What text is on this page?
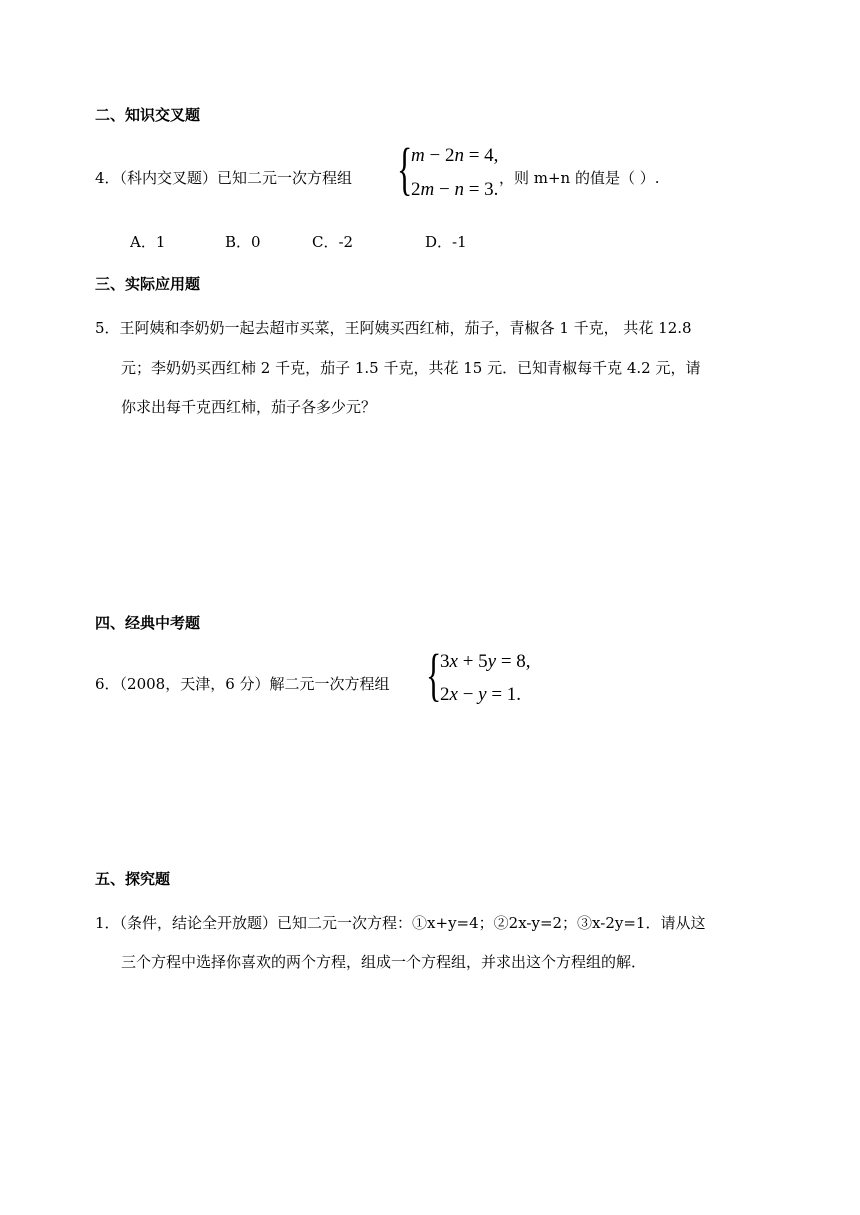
二、知识交叉题
4．（科内交叉题）已知二元一次方程组 {
m − 2n = 4,
2m − n = 3.
，则 m+n 的值是（ ）.
A．1	B．0	C．-2	D．-1
三、实际应用题
5．王阿姨和李奶奶一起去超市买菜，王阿姨买西红柿，茄子，青椒各 1 千克， 共花 12.8
元；李奶奶买西红柿 2 千克，茄子 1.5 千克，共花 15 元．已知青椒每千克 4.2 元，请
你求出每千克西红柿，茄子各多少元？
四、经典中考题
6．（2008，天津，6 分）解二元一次方程组 {
3x + 5y = 8,
2x − y = 1.
五、探究题
1．（条件，结论全开放题）已知二元一次方程：①x+y=4；②2x-y=2；③x-2y=1．请从这
三个方程中选择你喜欢的两个方程，组成一个方程组，并求出这个方程组的解．
